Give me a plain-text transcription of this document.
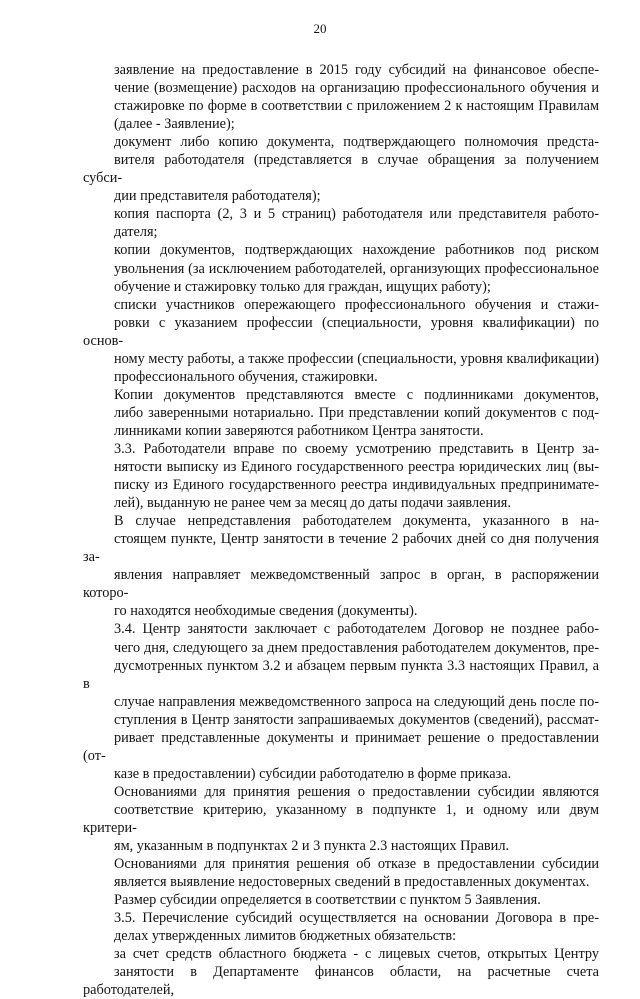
20

заявление на предоставление в 2015 году субсидий на финансовое обеспе-
чение (возмещение) расходов на организацию профессионального обучения и
стажировке по форме в соответствии с приложением 2 к настоящим Правилам
(далее - Заявление);

документ либо копию документа, подтверждающего полномочия предста-
вителя работодателя (представляется в случае обращения за получением субси-
дии представителя работодателя);

копия паспорта (2, 3 и 5 страниц) работодателя или представителя работо-
дателя;

копии документов, подтверждающих нахождение работников под риском
увольнения (за исключением работодателей, организующих профессиональное
обучение и стажировку только для граждан, ищущих работу);

списки участников опережающего профессионального обучения и стажи-
ровки с указанием профессии (специальности, уровня квалификации) по основ-
ному месту работы, а также профессии (специальности, уровня квалификации)
профессионального обучения, стажировки.

Копии документов представляются вместе с подлинниками документов,
либо заверенными нотариально. При представлении копий документов с под-
линниками копии заверяются работником Центра занятости.

3.3. Работодатели вправе по своему усмотрению представить в Центр за-
нятости выписку из Единого государственного реестра юридических лиц (вы-
писку из Единого государственного реестра индивидуальных предпринимате-
лей), выданную не ранее чем за месяц до даты подачи заявления.

В случае непредставления работодателем документа, указанного в на-
стоящем пункте, Центр занятости в течение 2 рабочих дней со дня получения за-
явления направляет межведомственный запрос в орган, в распоряжении которо-
го находятся необходимые сведения (документы).

3.4. Центр занятости заключает с работодателем Договор не позднее рабо-
чего дня, следующего за днем предоставления работодателем документов, пре-
дусмотренных пунктом 3.2 и абзацем первым пункта 3.3 настоящих Правил, а в
случае направления межведомственного запроса на следующий день после по-
ступления в Центр занятости запрашиваемых документов (сведений), рассмат-
ривает представленные документы и принимает решение о предоставлении (от-
казе в предоставлении) субсидии работодателю в форме приказа.

Основаниями для принятия решения о предоставлении субсидии являются
соответствие критерию, указанному в подпункте 1, и одному или двум критери-
ям, указанным в подпунктах 2 и 3 пункта 2.3 настоящих Правил.

Основаниями для принятия решения об отказе в предоставлении субсидии
является выявление недостоверных сведений в предоставленных документах.

Размер субсидии определяется в соответствии с пунктом 5 Заявления.

3.5. Перечисление субсидий осуществляется на основании Договора в пре-
делах утвержденных лимитов бюджетных обязательств:

за счет средств областного бюджета - с лицевых счетов, открытых Центру
занятости в Департаменте финансов области, на расчетные счета работодателей,
